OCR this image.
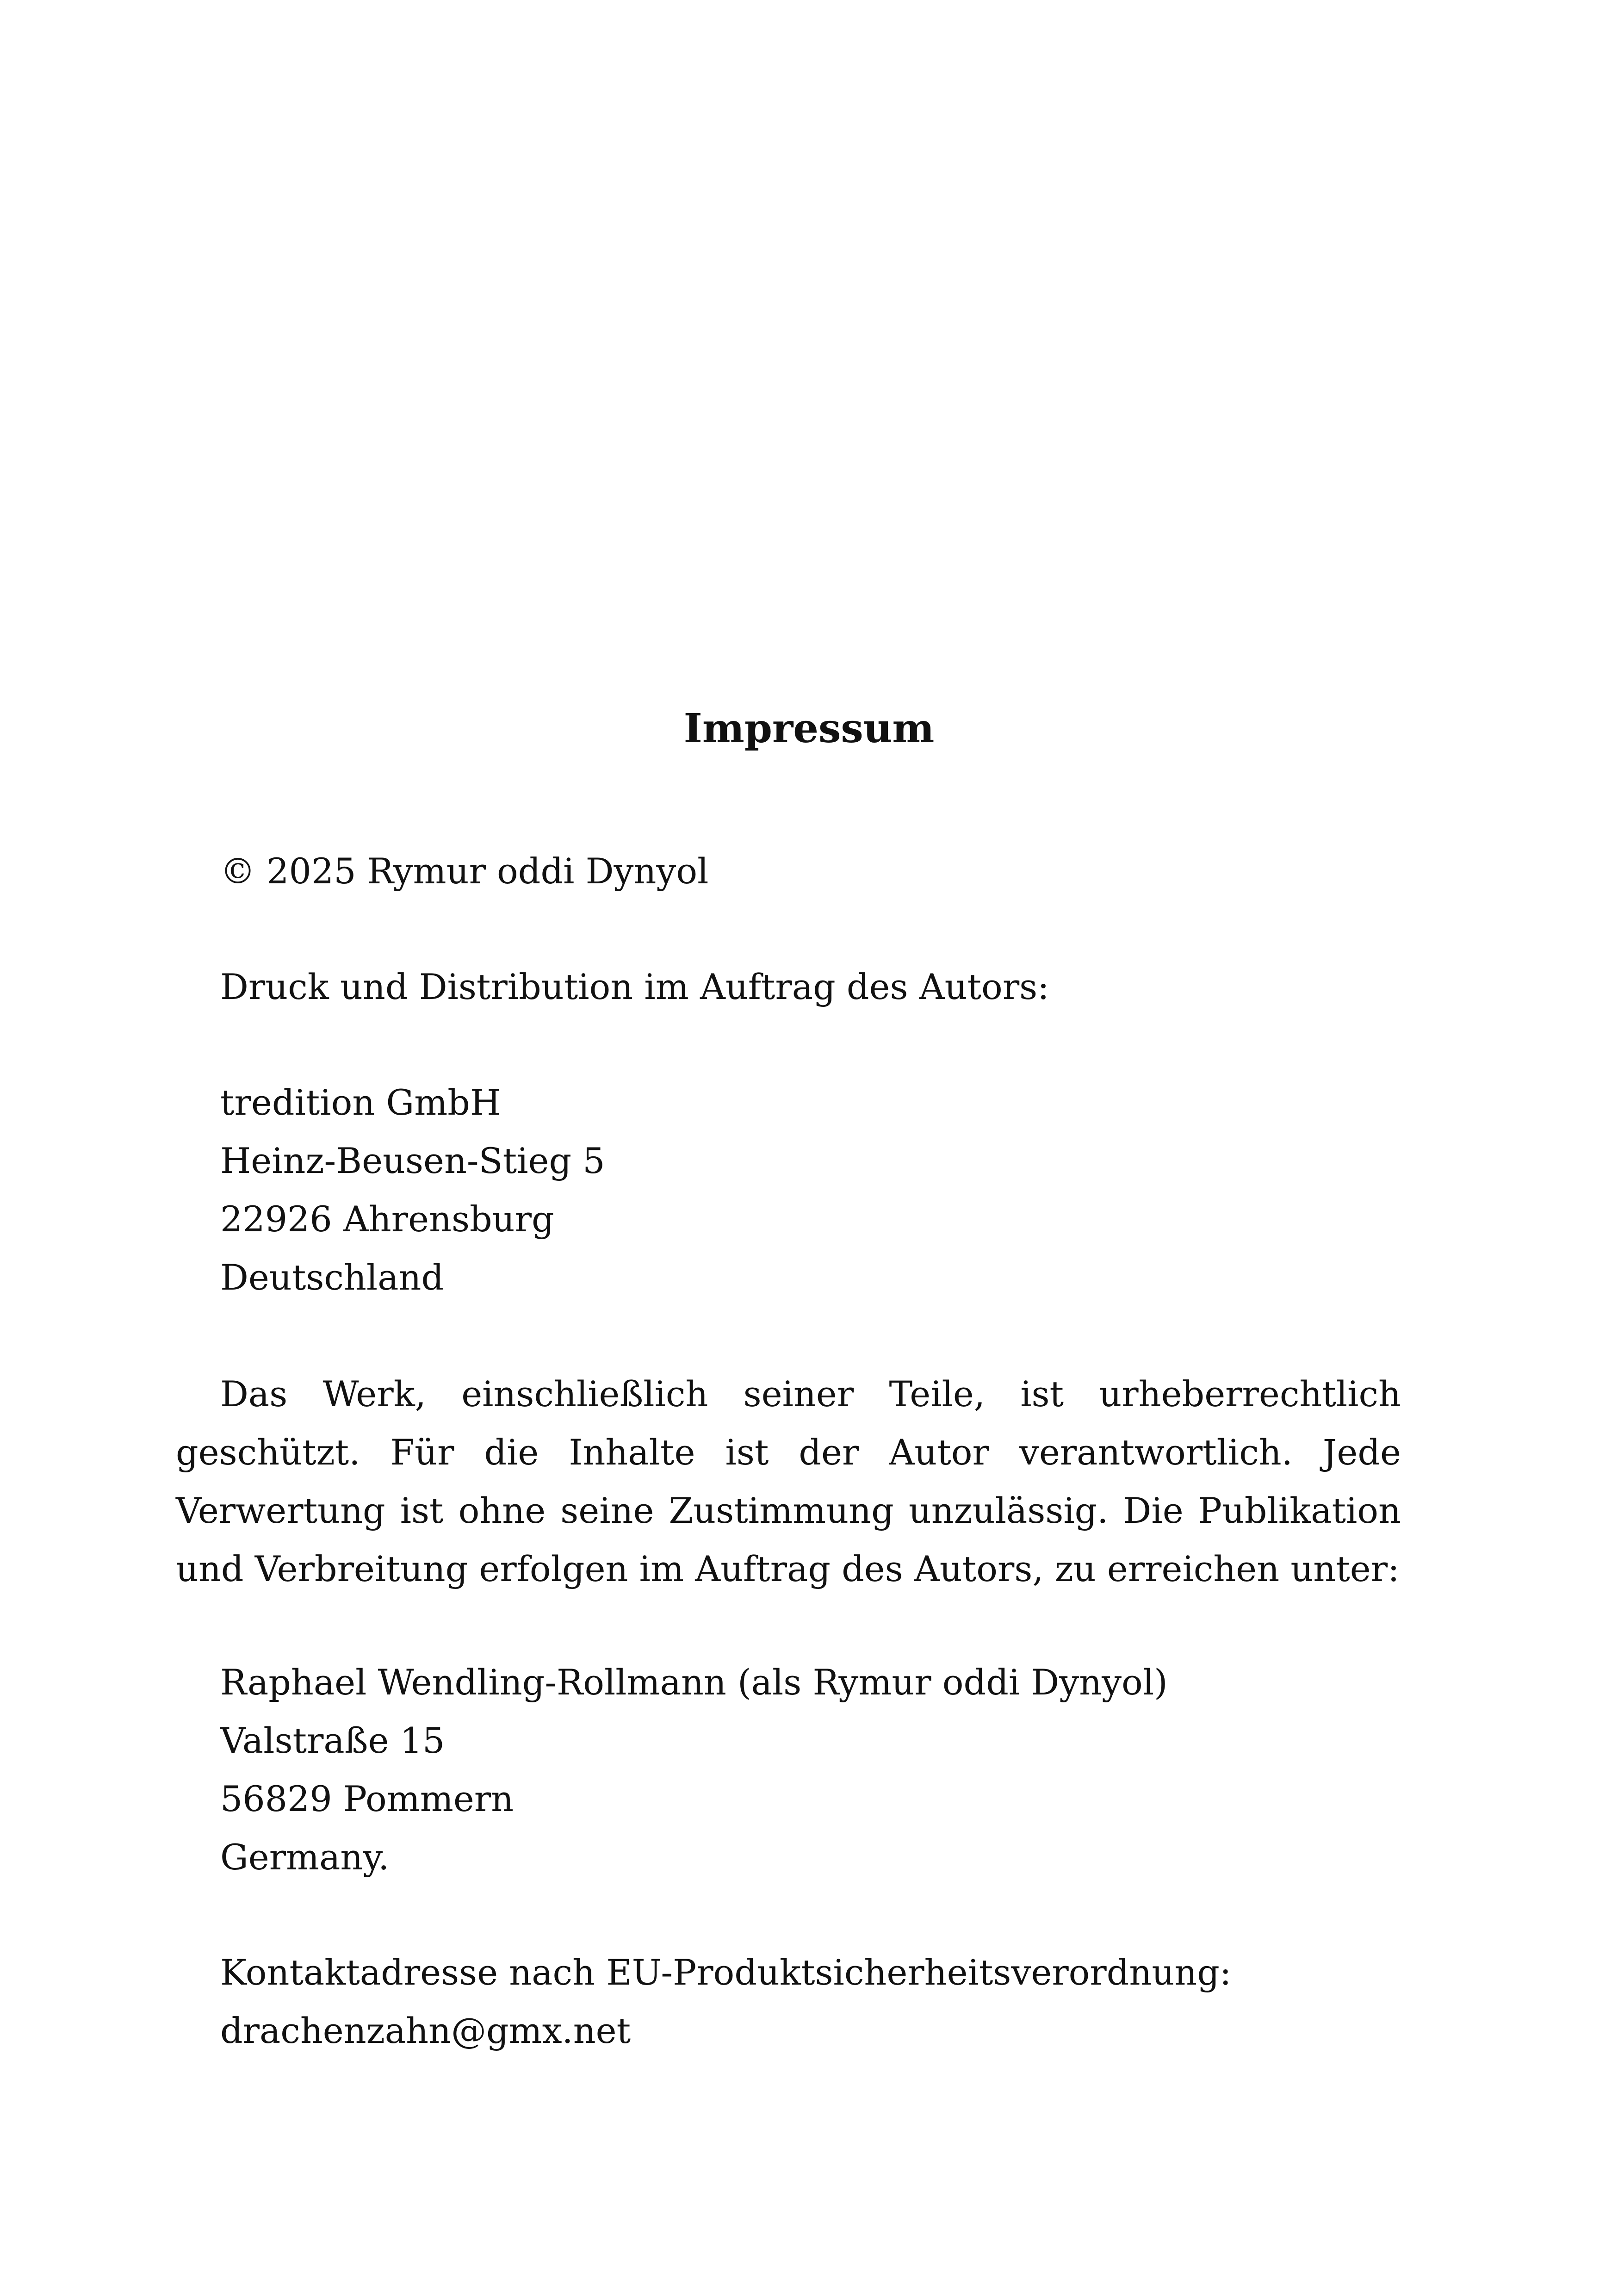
Impressum

© 2025 Rymur oddi Dynyol

Druck und Distribution im Auftrag des Autors:

tredition GmbH

Heinz-Beusen-Stieg 5

22926 Ahrensburg

Deutschland

Das Werk, einschließlich seiner Teile, ist urheberrechtlich geschützt. Für die Inhalte ist der Autor verantwortlich. Jede Verwertung ist ohne seine Zustimmung unzulässig. Die Publikation und Verbreitung erfolgen im Auftrag des Autors, zu erreichen unter:

Raphael Wendling-Rollmann (als Rymur oddi Dynyol)

Valstraße 15

56829 Pommern

Germany.

Kontaktadresse nach EU-Produktsicherheitsverordnung:

drachenzahn@gmx.net
